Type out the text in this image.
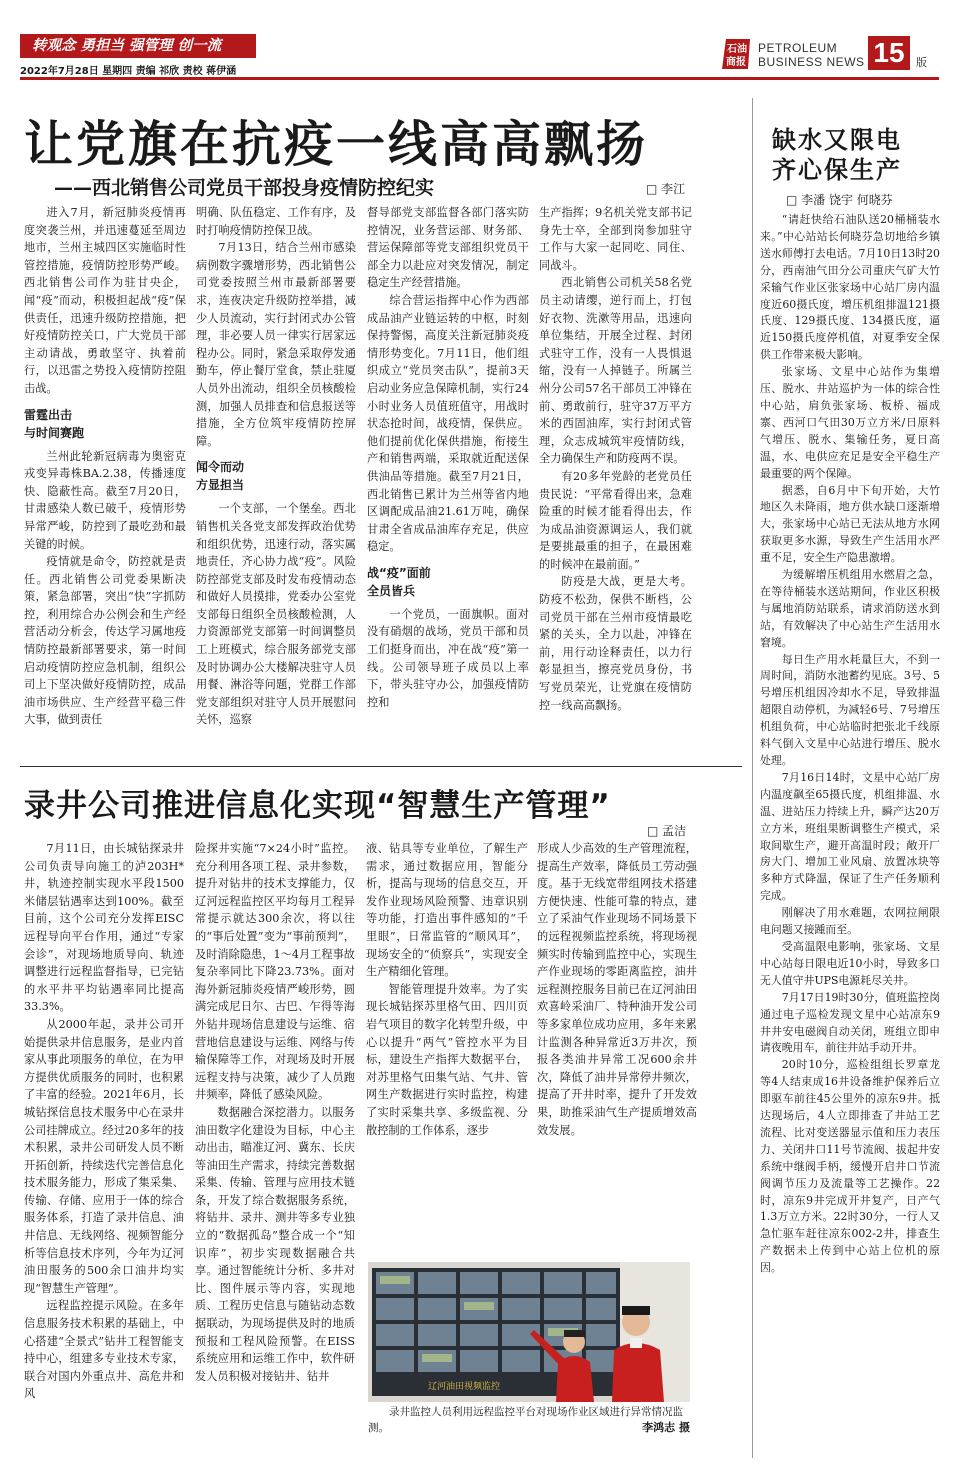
转观念 勇担当 强管理 创一流
2022年7月28日 星期四 责编 祁欣 责校 蒋伊涵
石油
商报
PETROLEUM
BUSINESS NEWS 15	版
让党旗在抗疫一线高高飘扬
——西北销售公司党员干部投身疫情防控纪实	□ 李江

进入7月，新冠肺炎疫情再度突袭兰州，并迅速蔓延至周边地市，兰州主城四区实施临时性管控措施，疫情防控形势严峻。西北销售公司作为驻甘央企，闻“疫”而动，积极担起战“疫”保供责任，迅速升级防控措施，把好疫情防控关口，广大党员干部主动请战，勇敢坚守、执着前行，以迅雷之势投入疫情防控阻击战。

雷霆出击
与时间赛跑

兰州此轮新冠病毒为奥密克戎变异毒株BA.2.38，传播速度快、隐蔽性高。截至7月20日，甘肃感染人数已破千，疫情形势异常严峻，防控到了最吃劲和最关键的时候。

疫情就是命令，防控就是责任。西北销售公司党委果断决策，紧急部署，突出“快”字抓防控，利用综合办公例会和生产经营活动分析会，传达学习属地疫情防控最新部署要求，第一时间启动疫情防控应急机制，组织公司上下坚决做好疫情防控，成品油市场供应、生产经营平稳三件大事，做到责任

明确、队伍稳定、工作有序，及时打响疫情防控保卫战。

7月13日，结合兰州市感染病例数字骤增形势，西北销售公司党委按照兰州市最新部署要求，连夜决定升级防控举措，减少人员流动，实行封闭式办公管理，非必要人员一律实行居家远程办公。同时，紧急采取停发通勤车，停止餐厅堂食，禁止驻厦人员外出流动，组织全员核酸检测，加强人员排查和信息报送等措施，全方位筑牢疫情防控屏障。

闻令而动
方显担当

一个支部，一个堡垒。西北销售机关各党支部发挥政治优势和组织优势，迅速行动，落实属地责任，齐心协力战“疫”。风险防控部党支部及时发布疫情动态和做好人员摸排，党委办公室党支部每日组织全员核酸检测，人力资源部党支部第一时间调整员工上班模式，综合服务部党支部及时协调办公大楼解决驻守人员用餐、淋浴等问题，党群工作部党支部组织对驻守人员开展慰问关怀，巡察

督导部党支部监督各部门落实防控情况，业务营运部、财务部、营运保障部等党支部组织党员干部全力以赴应对突发情况，制定稳定生产经营措施。

综合营运指挥中心作为西部成品油产业链运转的中枢，时刻保持警惕，高度关注新冠肺炎疫情形势变化。7月11日，他们组织成立“党员突击队”，提前3天启动业务应急保障机制，实行24小时业务人员值班值守，用战时状态抢时间，战疫情，保供应。他们提前优化保供措施，衔接生产和销售两端，采取就近配送保供油品等措施。截至7月21日，西北销售已累计为兰州等省内地区调配成品油21.61万吨，确保甘肃全省成品油库存充足，供应稳定。

战“疫”面前
全员皆兵

一个党员，一面旗帜。面对没有硝烟的战场，党员干部和员工们挺身而出，冲在战“疫”第一线。公司领导班子成员以上率下，带头驻守办公，加强疫情防控和

生产指挥；9名机关党支部书记身先士卒，全部到岗参加驻守工作与大家一起同吃、同住、同战斗。

西北销售公司机关58名党员主动请缨，逆行而上，打包好衣物、洗漱等用品，迅速向单位集结，开展全过程、封闭式驻守工作，没有一人畏惧退缩，没有一人掉链子。所属兰州分公司57名干部员工冲锋在前、勇敢前行，驻守37万平方米的西固油库，实行封闭式管理，众志成城筑牢疫情防线，全力确保生产和防疫两不误。

有20多年党龄的老党员任贵民说：“平常看得出来，急难险重的时候才能看得出去，作为成品油资源调运人，我们就是要挑最重的担子，在最困难的时候冲在最前面。”

防疫是大战，更是大考。防疫不松劲，保供不断档，公司党员干部在兰州市疫情最吃紧的关头，全力以赴，冲锋在前，用行动诠释责任，以力行彰显担当，擦亮党员身份，书写党员荣光，让党旗在疫情防控一线高高飘扬。

录井公司推进信息化实现“智慧生产管理”
□ 孟洁

7月11日，由长城钻探录井公司负责导向施工的泸203H*井，轨迹控制实现水平段1500米储层钻遇率达到100%。截至目前，这个公司充分发挥EISC远程导向平台作用，通过“专家会诊”，对现场地质导向、轨迹调整进行远程监督指导，已完钻的水平井平均钻遇率同比提高33.3%。

从2000年起，录井公司开始提供录井信息服务，是业内首家从事此项服务的单位，在为甲方提供优质服务的同时，也积累了丰富的经验。2021年6月，长城钻探信息技术服务中心在录井公司挂牌成立。经过20多年的技术积累，录井公司研发人员不断开拓创新，持续迭代完善信息化技术服务能力，形成了集采集、传输、存储、应用于一体的综合服务体系，打造了录井信息、油井信息、无线网络、视频智能分析等信息技术序列，今年为辽河油田服务的500余口油井均实现“智慧生产管理”。

远程监控提示风险。在多年信息服务技术积累的基础上，中心搭建“全景式”钻井工程智能支持中心，组建多专业技术专家，联合对国内外重点井、高危井和风

险探井实施“7×24小时”监控。充分利用各项工程、录井参数，提升对钻井的技术支撑能力，仅辽河远程监控区平均每月工程异常提示就达300余次，将以往的“事后处置”变为“事前预判”，及时消除隐患，1～4月工程事故复杂率同比下降23.73%。面对海外新冠肺炎疫情严峻形势，圆满完成尼日尔、古巴、乍得等海外钻井现场信息建设与运维、宿营地信息建设与运维、网络与传输保障等工作，对现场及时开展远程支持与决策，减少了人员跑井频率，降低了感染风险。

数据融合深挖潜力。以服务油田数字化建设为目标，中心主动出击，瞄准辽河、冀东、长庆等油田生产需求，持续完善数据采集、传输、管理与应用技术链条，开发了综合数据服务系统，将钻井、录井、测井等多专业独立的“数据孤岛”整合成一个“知识库”，初步实现数据融合共享。通过智能统计分析、多井对比、图件展示等内容，实现地质、工程历史信息与随钻动态数据联动，为现场提供及时的地质预报和工程风险预警。在EISS系统应用和运维工作中，软件研发人员积极对接钻井、钻井

液、钻具等专业单位，了解生产需求，通过数据应用，智能分析，提高与现场的信息交互，开发作业现场风险预警、违章识别等功能，打造出事件感知的“千里眼”，日常监管的“顺风耳”，现场安全的“侦察兵”，实现安全生产精细化管理。

智能管理提升效率。为了实现长城钻探苏里格气田、四川页岩气项目的数字化转型升级，中心以提升“两气”管控水平为目标，建设生产指挥大数据平台，对苏里格气田集气站、气井、管网生产数据进行实时监控，构建了实时采集共享、多级监视、分散控制的工作体系，逐步

形成人少高效的生产管理流程，提高生产效率，降低员工劳动强度。基于无线宽带组网技术搭建方便快速、性能可靠的特点，建立了采油气作业现场不同场景下的远程视频监控系统，将现场视频实时传输到监控中心，实现生产作业现场的零距离监控，油井远程测控服务目前已在辽河油田欢喜岭采油厂、特种油开发公司等多家单位成功应用，多年来累计监测各种异常近3万井次，预报各类油井异常工况600余井次，降低了油井异常停井频次，提高了开井时率，提升了开发效果，助推采油气生产提质增效高效发展。

辽河油田视频监控
录井监控人员利用远程监控平台对现场作业区域进行异常情况监测。	李鸿志 摄
缺水又限电
齐心保生产
□ 李潘 饶宇 何晓芬

“请赶快给石油队送20桶桶装水来。”中心站站长何晓芬急切地给乡镇送水师傅打去电话。7月10日13时20分，西南油气田分公司重庆气矿大竹采输气作业区张家场中心站厂房内温度近60摄氏度，增压机组排温121摄氏度、129摄氏度、134摄氏度，逼近150摄氏度停机值，对夏季安全保供工作带来极大影响。

张家场、文星中心站作为集增压、脱水、井站巡护为一体的综合性中心站，肩负张家场、板桥、福成寨、西河口气田30万立方米/日原料气增压、脱水、集输任务，夏日高温，水、电供应充足是安全平稳生产最重要的两个保障。

据悉，自6月中下旬开始，大竹地区久未降雨，地方供水缺口逐渐增大，张家场中心站已无法从地方水网获取更多水源，导致生产生活用水严重不足，安全生产隐患激增。

为缓解增压机组用水燃眉之急，在等待桶装水送站期间，作业区积极与属地消防站联系，请求消防送水到站，有效解决了中心站生产生活用水窘境。

每日生产用水耗量巨大，不到一周时间，消防水池蓄约见底。3号、5号增压机组因冷却水不足，导致排温超限自动停机，为减轻6号、7号增压机组负荷，中心站临时把张北千线原料气倒入文星中心站进行增压、脱水处理。

7月16日14时，文星中心站厂房内温度飙至65摄氏度，机组排温、水温、进站压力持续上升，瞬产达20万立方米，班组果断调整生产模式，采取间歇生产，避开高温时段；敞开厂房大门、增加工业风扇、放置冰块等多种方式降温，保证了生产任务顺利完成。

刚解决了用水难题，农网拉闸限电问题又接踵而至。

受高温限电影响，张家场、文星中心站每日限电近10小时，导致多口无人值守井UPS电源耗尽关井。

7月17日19时30分，值班监控岗通过电子巡检发现文星中心站凉东9井井安电磁阀自动关闭，班组立即申请夜晚用车，前往井站手动开井。

20时10分，巡检组组长罗章龙等4人结束成16井设备维护保养后立即驱车前往45公里外的凉东9井。抵达现场后，4人立即排查了井站工艺流程、比对变送器显示值和压力表压力、关闭井口11号节流阀、拔起井安系统中继阀手柄，缓慢开启井口节流阀调节压力及流量等工艺操作。22时，凉东9井完成开井复产，日产气1.3万立方米。22时30分，一行人又急忙驱车赶往凉东002-2井，排查生产数据未上传到中心站上位机的原因。
